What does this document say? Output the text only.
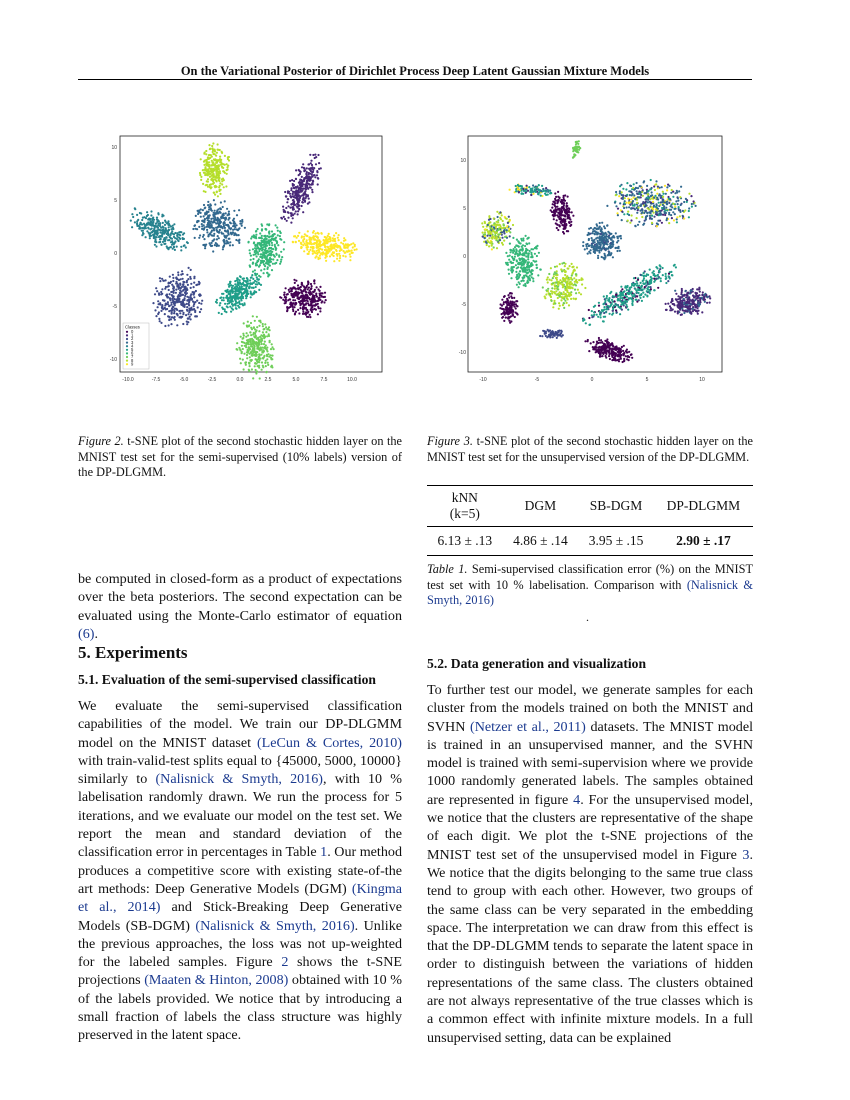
On the Variational Posterior of Dirichlet Process Deep Latent Gaussian Mixture Models
10
5
0
-5
-10
-10.0	-7.5	-5.0	-2.5	0.0	2.5	5.0	7.5	10.0
Classes
0
1
2
3
4
5
6
7
8
9
10
5
0
-5
-10
-10	-5	0	5	10
Figure 2. t-SNE plot of the second stochastic hidden layer on the MNIST test set for the semi-supervised (10% labels) version of the DP-DLGMM.
Figure 3. t-SNE plot of the second stochastic hidden layer on the MNIST test set for the unsupervised version of the DP-DLGMM.
kNN
(k=5)	DGM	SB-DGM	DP-DLGMM
6.13 ± .13	4.86 ± .14	3.95 ± .15	2.90 ± .17
Table 1. Semi-supervised classification error (%) on the MNIST test set with 10 % labelisation. Comparison with (Nalisnick & Smyth, 2016)
.
be computed in closed-form as a product of expectations over the beta posteriors. The second expectation can be evaluated using the Monte-Carlo estimator of equation (6).
5. Experiments
5.1. Evaluation of the semi-supervised classification
We evaluate the semi-supervised classification capabilities of the model. We train our DP-DLGMM model on the MNIST dataset (LeCun & Cortes, 2010) with train-valid-test splits equal to {45000, 5000, 10000} similarly to (Nalisnick & Smyth, 2016), with 10 % labelisation randomly drawn. We run the process for 5 iterations, and we evaluate our model on the test set. We report the mean and standard deviation of the classification error in percentages in Table 1. Our method produces a competitive score with existing state-of-the art methods: Deep Generative Models (DGM) (Kingma et al., 2014) and Stick-Breaking Deep Generative Models (SB-DGM) (Nalisnick & Smyth, 2016). Unlike the previous approaches, the loss was not up-weighted for the labeled samples. Figure 2 shows the t-SNE projections (Maaten & Hinton, 2008) obtained with 10 % of the labels provided. We notice that by introducing a small fraction of labels the class structure was highly preserved in the latent space.
5.2. Data generation and visualization
To further test our model, we generate samples for each cluster from the models trained on both the MNIST and SVHN (Netzer et al., 2011) datasets. The MNIST model is trained in an unsupervised manner, and the SVHN model is trained with semi-supervision where we provide 1000 randomly generated labels. The samples obtained are represented in figure 4. For the unsupervised model, we notice that the clusters are representative of the shape of each digit. We plot the t-SNE projections of the MNIST test set of the unsupervised model in Figure 3. We notice that the digits belonging to the same true class tend to group with each other. However, two groups of the same class can be very separated in the embedding space. The interpretation we can draw from this effect is that the DP-DLGMM tends to separate the latent space in order to distinguish between the variations of hidden representations of the same class. The clusters obtained are not always representative of the true classes which is a common effect with infinite mixture models. In a full unsupervised setting, data can be explained
